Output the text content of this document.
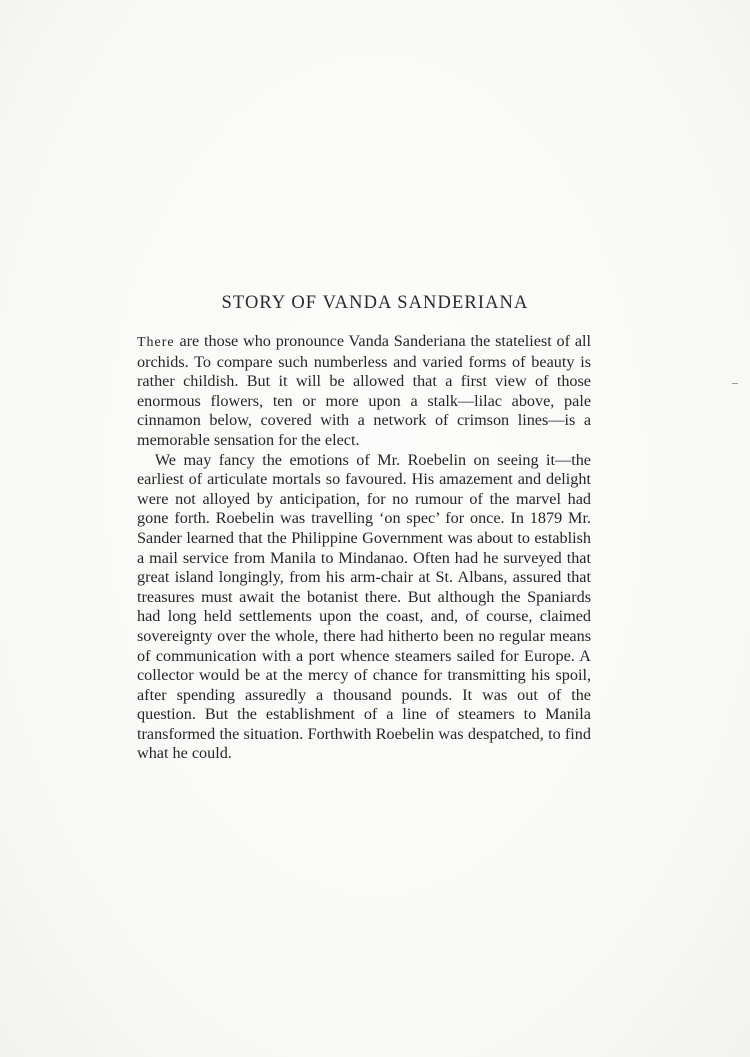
STORY OF VANDA SANDERIANA

There are those who pronounce Vanda Sanderiana the stateliest of all orchids. To compare such numberless and varied forms of beauty is rather childish. But it will be allowed that a first view of those enormous flowers, ten or more upon a stalk—lilac above, pale cinnamon below, covered with a network of crimson lines—is a memorable sensation for the elect.

We may fancy the emotions of Mr. Roebelin on seeing it—the earliest of articulate mortals so favoured. His amazement and delight were not alloyed by anticipation, for no rumour of the marvel had gone forth. Roebelin was travelling ‘on spec’ for once. In 1879 Mr. Sander learned that the Philippine Government was about to establish a mail service from Manila to Mindanao. Often had he surveyed that great island longingly, from his arm-chair at St. Albans, assured that treasures must await the botanist there. But although the Spaniards had long held settlements upon the coast, and, of course, claimed sovereignty over the whole, there had hitherto been no regular means of communication with a port whence steamers sailed for Europe. A collector would be at the mercy of chance for transmitting his spoil, after spending assuredly a thousand pounds. It was out of the question. But the establishment of a line of steamers to Manila transformed the situation. Forthwith Roebelin was despatched, to find what he could.
